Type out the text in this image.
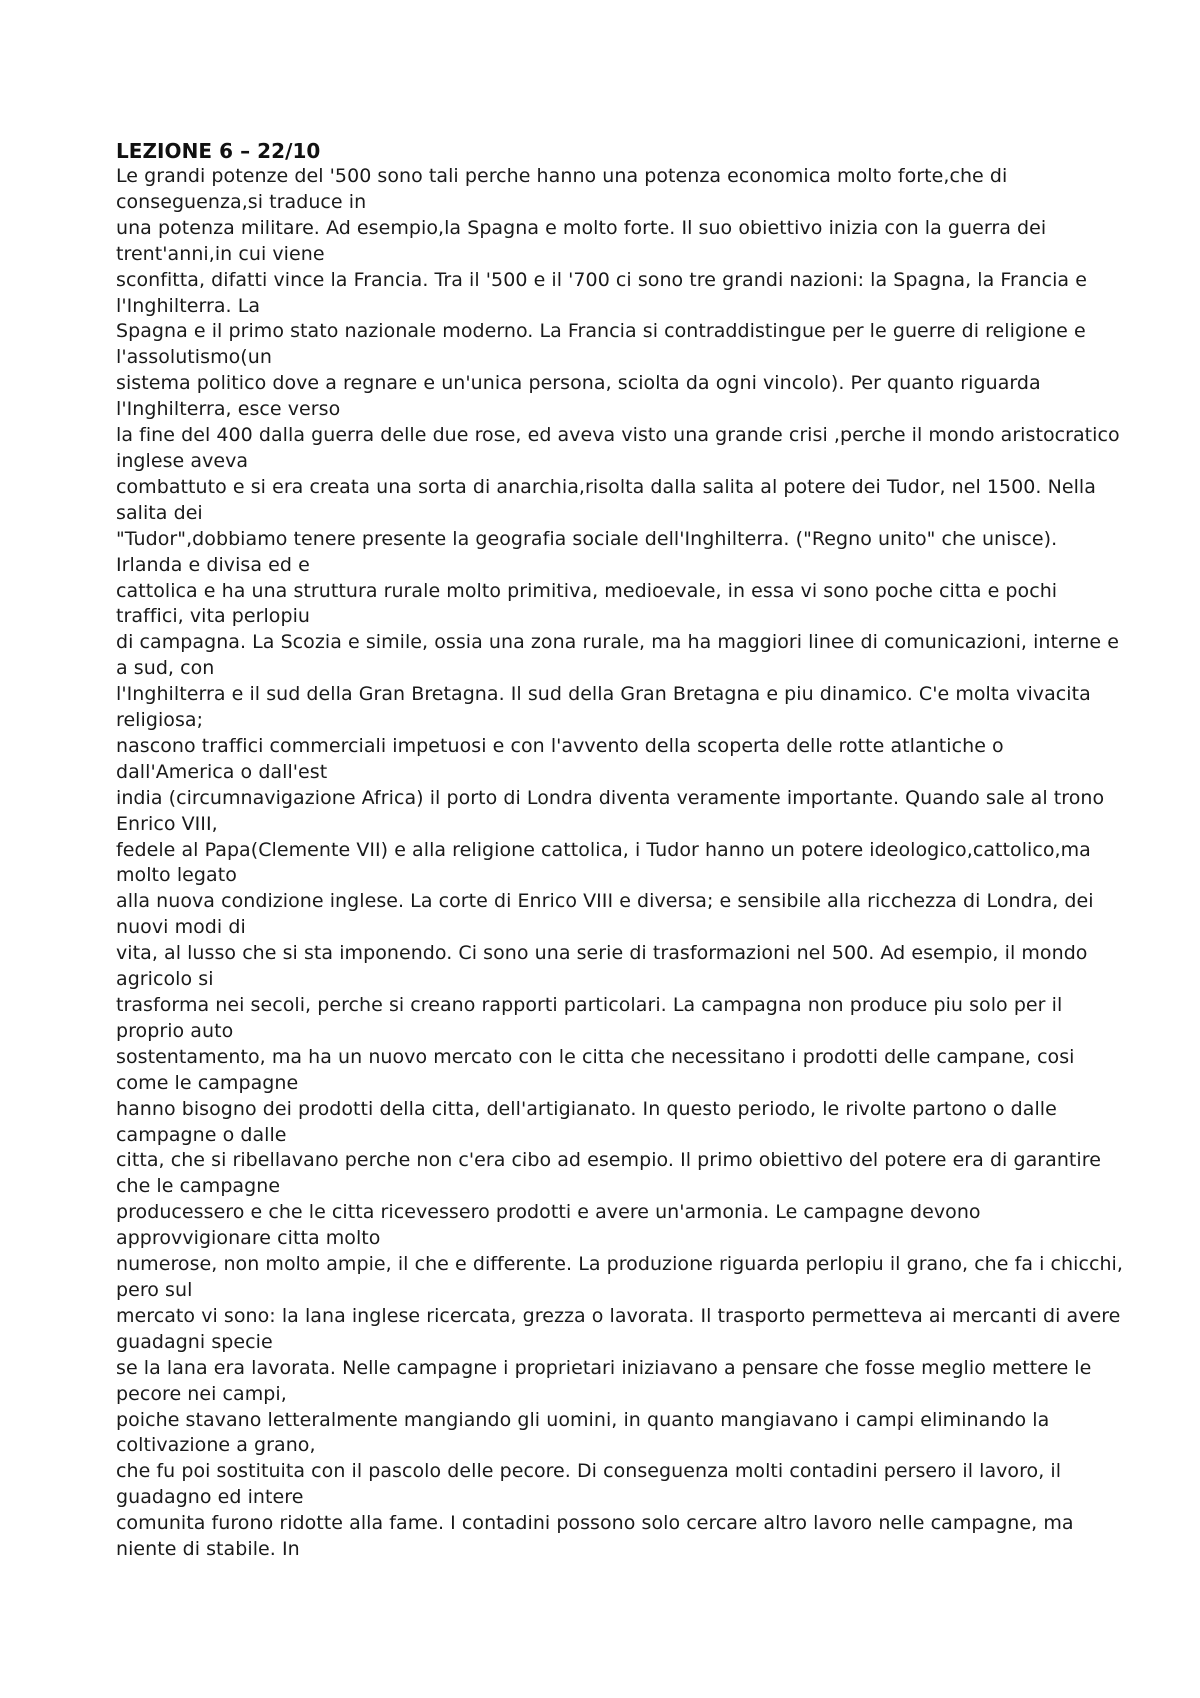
LEZIONE 6 – 22/10

Le grandi potenze del '500 sono tali perche hanno una potenza economica molto forte,che di conseguenza,si traduce in

una potenza militare. Ad esempio,la Spagna e molto forte. Il suo obiettivo inizia con la guerra dei trent'anni,in cui viene

sconfitta, difatti vince la Francia. Tra il '500 e il '700 ci sono tre grandi nazioni: la Spagna, la Francia e l'Inghilterra. La

Spagna e il primo stato nazionale moderno. La Francia si contraddistingue per le guerre di religione e l'assolutismo(un

sistema politico dove a regnare e un'unica persona, sciolta da ogni vincolo). Per quanto riguarda l'Inghilterra, esce verso

la fine del 400 dalla guerra delle due rose, ed aveva visto una grande crisi ,perche il mondo aristocratico inglese aveva

combattuto e si era creata una sorta di anarchia,risolta dalla salita al potere dei Tudor, nel 1500. Nella salita dei

"Tudor",dobbiamo tenere presente la geografia sociale dell'Inghilterra. ("Regno unito" che unisce). Irlanda e divisa ed e

cattolica e ha una struttura rurale molto primitiva, medioevale, in essa vi sono poche citta e pochi traffici, vita perlopiu

di campagna. La Scozia e simile, ossia una zona rurale, ma ha maggiori linee di comunicazioni, interne e a sud, con

l'Inghilterra e il sud della Gran Bretagna. Il sud della Gran Bretagna e piu dinamico. C'e molta vivacita religiosa;

nascono traffici commerciali impetuosi e con l'avvento della scoperta delle rotte atlantiche o dall'America o dall'est

india (circumnavigazione Africa) il porto di Londra diventa veramente importante. Quando sale al trono Enrico VIII,

fedele al Papa(Clemente VII) e alla religione cattolica, i Tudor hanno un potere ideologico,cattolico,ma molto legato

alla nuova condizione inglese. La corte di Enrico VIII e diversa; e sensibile alla ricchezza di Londra, dei nuovi modi di

vita, al lusso che si sta imponendo. Ci sono una serie di trasformazioni nel 500. Ad esempio, il mondo agricolo si

trasforma nei secoli, perche si creano rapporti particolari. La campagna non produce piu solo per il proprio auto

sostentamento, ma ha un nuovo mercato con le citta che necessitano i prodotti delle campane, cosi come le campagne

hanno bisogno dei prodotti della citta, dell'artigianato. In questo periodo, le rivolte partono o dalle campagne o dalle

citta, che si ribellavano perche non c'era cibo ad esempio. Il primo obiettivo del potere era di garantire che le campagne

producessero e che le citta ricevessero prodotti e avere un'armonia. Le campagne devono approvvigionare citta molto

numerose, non molto ampie, il che e differente. La produzione riguarda perlopiu il grano, che fa i chicchi, pero sul

mercato vi sono: la lana inglese ricercata, grezza o lavorata. Il trasporto permetteva ai mercanti di avere guadagni specie

se la lana era lavorata. Nelle campagne i proprietari iniziavano a pensare che fosse meglio mettere le pecore nei campi,

poiche stavano letteralmente mangiando gli uomini, in quanto mangiavano i campi eliminando la coltivazione a grano,

che fu poi sostituita con il pascolo delle pecore. Di conseguenza molti contadini persero il lavoro, il guadagno ed intere

comunita furono ridotte alla fame. I contadini possono solo cercare altro lavoro nelle campagne, ma niente di stabile. In
